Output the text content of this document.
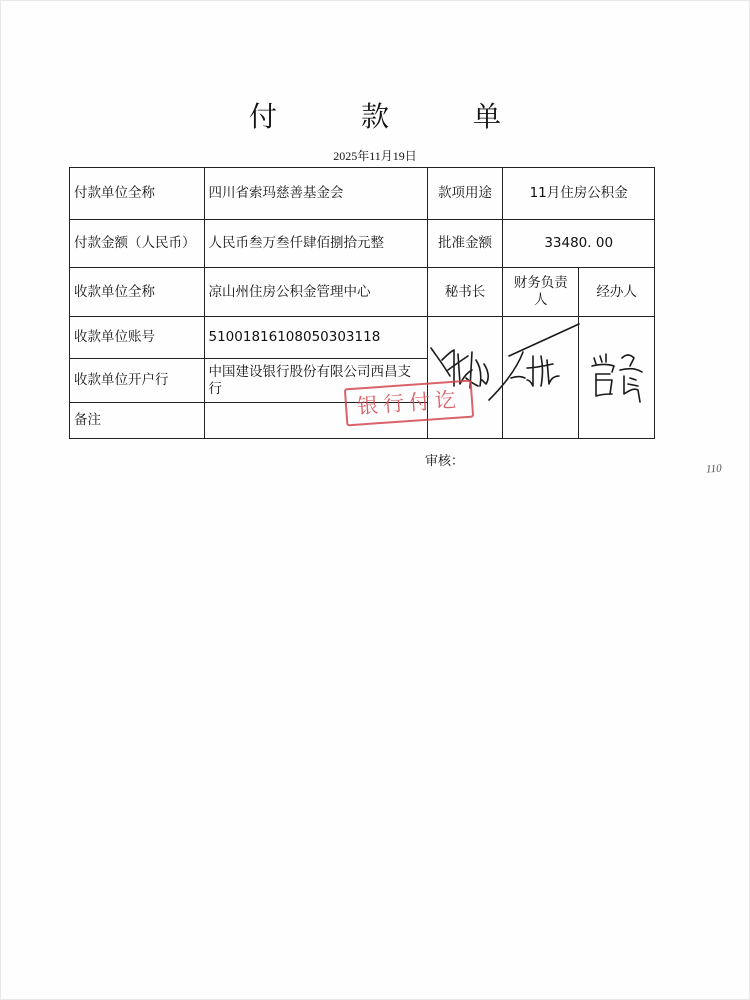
付　款　单
2025年11月19日
付款单位全称	四川省索玛慈善基金会	款项用途	11月住房公积金	
付款金额（人民币）	人民币叁万叁仟肆佰捌拾元整	批准金额	33480. 00	
收款单位全称	凉山州住房公积金管理中心	秘书长	财务负责人	经办人
收款单位账号	51001816108050303118			
收款单位开户行	中国建设银行股份有限公司西昌支行			
备注				
银行付讫
审核：	110
